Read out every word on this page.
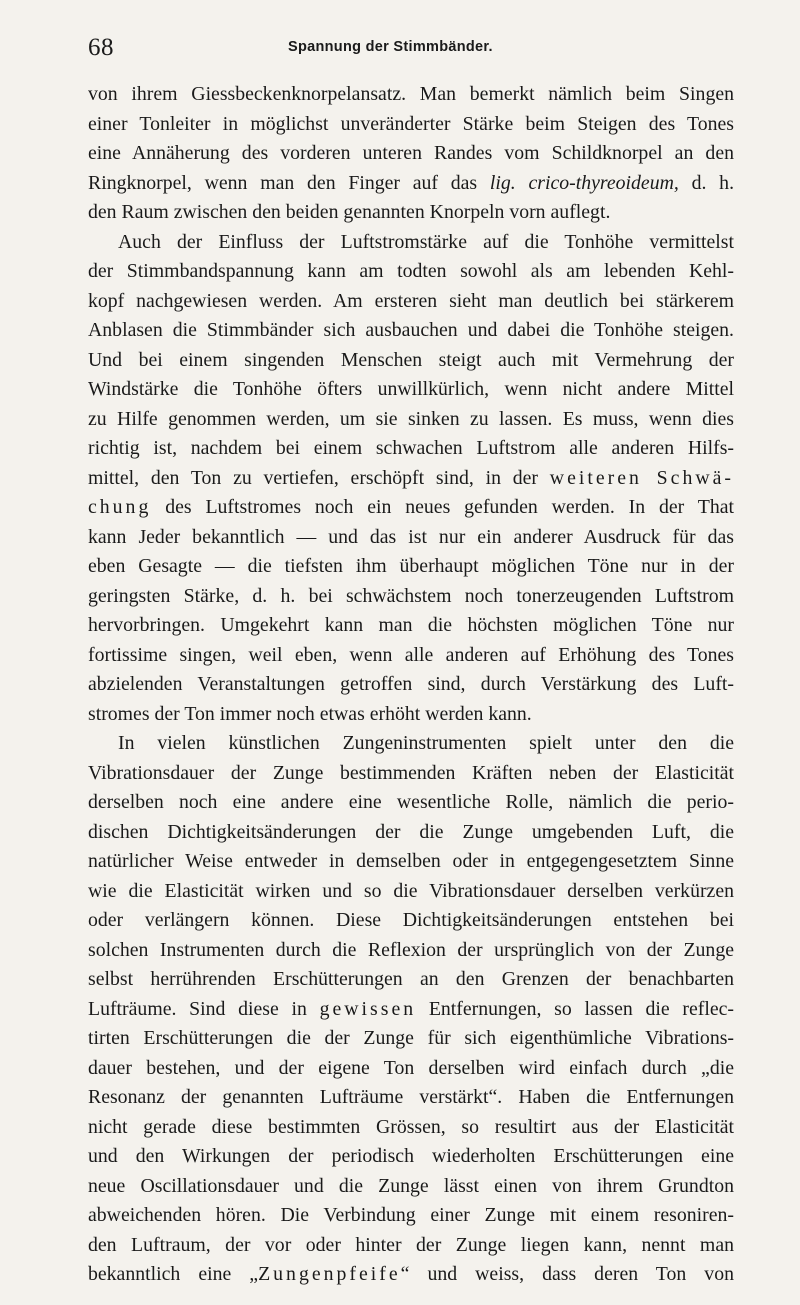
68	Spannung der Stimmbänder.
von ihrem Giessbeckenknorpelansatz. Man bemerkt nämlich beim Singen
einer Tonleiter in möglichst unveränderter Stärke beim Steigen des Tones
eine Annäherung des vorderen unteren Randes vom Schildknorpel an den
Ringknorpel, wenn man den Finger auf das lig. crico-thyreoideum, d. h.
den Raum zwischen den beiden genannten Knorpeln vorn auflegt.
Auch der Einfluss der Luftstromstärke auf die Tonhöhe vermittelst
der Stimmbandspannung kann am todten sowohl als am lebenden Kehl-
kopf nachgewiesen werden. Am ersteren sieht man deutlich bei stärkerem
Anblasen die Stimmbänder sich ausbauchen und dabei die Tonhöhe steigen.
Und bei einem singenden Menschen steigt auch mit Vermehrung der
Windstärke die Tonhöhe öfters unwillkürlich, wenn nicht andere Mittel
zu Hilfe genommen werden, um sie sinken zu lassen. Es muss, wenn dies
richtig ist, nachdem bei einem schwachen Luftstrom alle anderen Hilfs-
mittel, den Ton zu vertiefen, erschöpft sind, in der weiteren Schwä-
chung des Luftstromes noch ein neues gefunden werden. In der That
kann Jeder bekanntlich — und das ist nur ein anderer Ausdruck für das
eben Gesagte — die tiefsten ihm überhaupt möglichen Töne nur in der
geringsten Stärke, d. h. bei schwächstem noch tonerzeugenden Luftstrom
hervorbringen. Umgekehrt kann man die höchsten möglichen Töne nur
fortissime singen, weil eben, wenn alle anderen auf Erhöhung des Tones
abzielenden Veranstaltungen getroffen sind, durch Verstärkung des Luft-
stromes der Ton immer noch etwas erhöht werden kann.
In vielen künstlichen Zungeninstrumenten spielt unter den die
Vibrationsdauer der Zunge bestimmenden Kräften neben der Elasticität
derselben noch eine andere eine wesentliche Rolle, nämlich die perio-
dischen Dichtigkeitsänderungen der die Zunge umgebenden Luft, die
natürlicher Weise entweder in demselben oder in entgegengesetztem Sinne
wie die Elasticität wirken und so die Vibrationsdauer derselben verkürzen
oder verlängern können. Diese Dichtigkeitsänderungen entstehen bei
solchen Instrumenten durch die Reflexion der ursprünglich von der Zunge
selbst herrührenden Erschütterungen an den Grenzen der benachbarten
Lufträume. Sind diese in gewissen Entfernungen, so lassen die reflec-
tirten Erschütterungen die der Zunge für sich eigenthümliche Vibrations-
dauer bestehen, und der eigene Ton derselben wird einfach durch „die
Resonanz der genannten Lufträume verstärkt“. Haben die Entfernungen
nicht gerade diese bestimmten Grössen, so resultirt aus der Elasticität
und den Wirkungen der periodisch wiederholten Erschütterungen eine
neue Oscillationsdauer und die Zunge lässt einen von ihrem Grundton
abweichenden hören. Die Verbindung einer Zunge mit einem resoniren-
den Luftraum, der vor oder hinter der Zunge liegen kann, nennt man
bekanntlich eine „Zungenpfeife“ und weiss, dass deren Ton von
